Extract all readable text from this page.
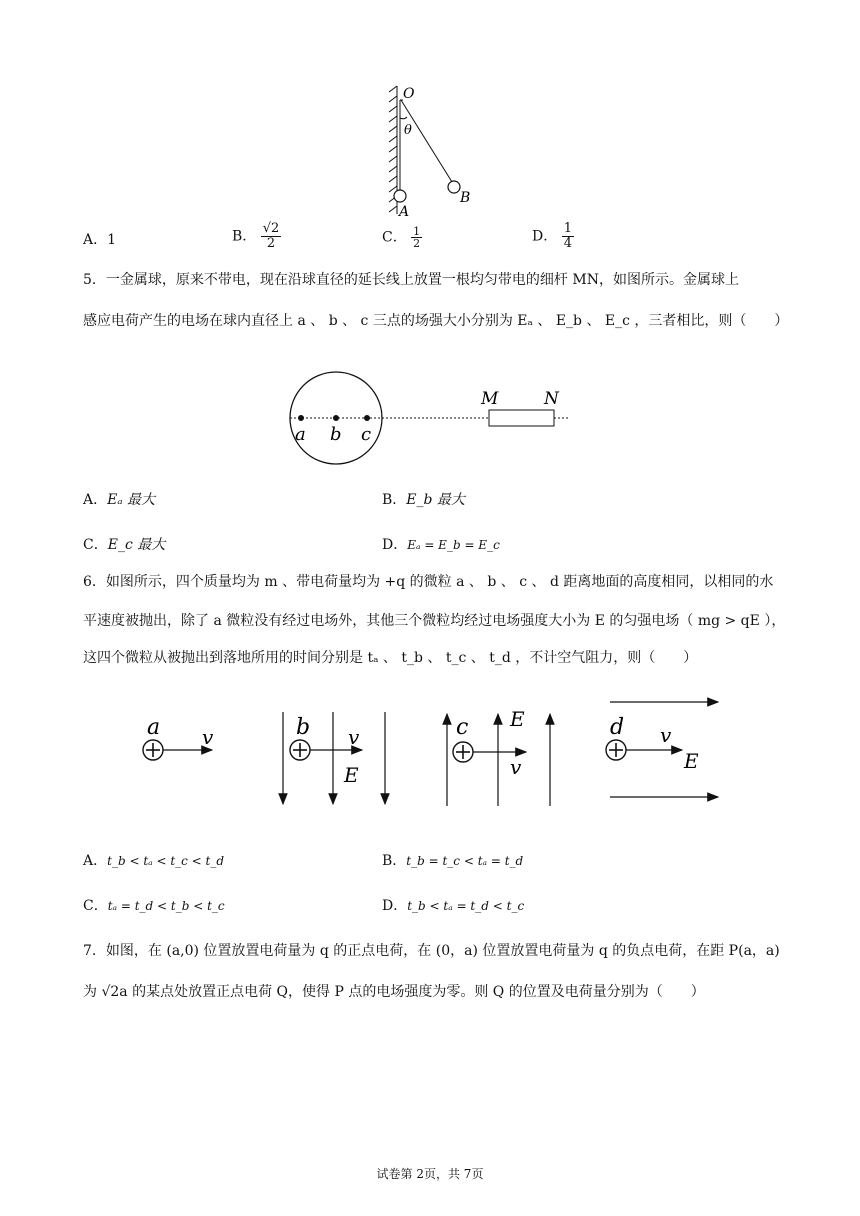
O
θ
A
B
A．1	B． $\frac{√2}{2}$	C． $\frac{1}{2}$	D． $\frac{1}{4}$
5．一金属球，原来不带电，现在沿球直径的延长线上放置一根均匀带电的细杆 MN，如图所示。金属球上
感应电荷产生的电场在球内直径上 a 、 b 、 c 三点的场强大小分别为 Eₐ 、 E_b 、 E_c ，三者相比，则（　　）
a b c
M	N
A．Eₐ 最大	B．E_b 最大
C．E_c 最大	D．Eₐ = E_b = E_c
6．如图所示，四个质量均为 m 、带电荷量均为 +q 的微粒 a 、 b 、 c 、 d 距离地面的高度相同，以相同的水
平速度被抛出，除了 a 微粒没有经过电场外，其他三个微粒均经过电场强度大小为 E 的匀强电场（ mg > qE ），
这四个微粒从被抛出到落地所用的时间分别是 tₐ 、 t_b 、 t_c 、 t_d ，不计空气阻力，则（　　）
a v	b v
E
c E
v
d v
E
A．t_b < tₐ < t_c < t_d	B．t_b = t_c < tₐ = t_d
C．tₐ = t_d < t_b < t_c	D．t_b < tₐ = t_d < t_c
7．如图，在 (a,0) 位置放置电荷量为 q 的正点电荷，在 (0，a) 位置放置电荷量为 q 的负点电荷，在距 P(a，a)
为 √2a 的某点处放置正点电荷 Q，使得 P 点的电场强度为零。则 Q 的位置及电荷量分别为（　　）
试卷第 2页，共 7页
